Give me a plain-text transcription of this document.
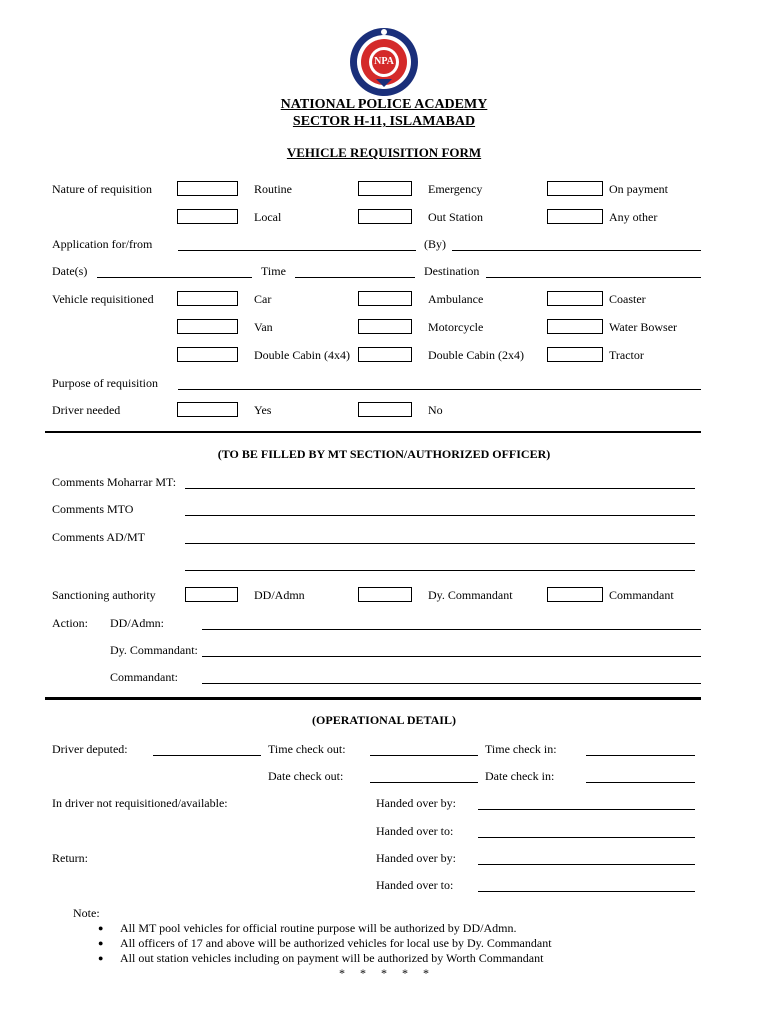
NPA
NATIONAL POLICE ACADEMY
SECTOR H-11, ISLAMABAD
VEHICLE REQUISITION FORM
Nature of requisition	Routine	Emergency	On payment
Local	Out Station	Any other
Application for/from	(By)
Date(s)	Time	Destination
Vehicle requisitioned	Car	Ambulance	Coaster
Van	Motorcycle	Water Bowser
Double Cabin (4x4)	Double Cabin (2x4)	Tractor
Purpose of requisition
Driver needed	Yes	No
(TO BE FILLED BY MT SECTION/AUTHORIZED OFFICER)
Comments Moharrar MT:
Comments MTO
Comments AD/MT
Sanctioning authority	DD/Admn	Dy. Commandant	Commandant
Action: DD/Admn:
Dy. Commandant:
Commandant:
(OPERATIONAL DETAIL)
Driver deputed:	Time check out:	Time check in:
Date check out:	Date check in:
In driver not requisitioned/available:	Handed over by:
Handed over to:
Return:	Handed over by:
Handed over to:
Note:
● All MT pool vehicles for official routine purpose will be authorized by DD/Admn.
● All officers of 17 and above will be authorized vehicles for local use by Dy. Commandant
● All out station vehicles including on payment will be authorized by Worth Commandant
*     *     *     *     *
